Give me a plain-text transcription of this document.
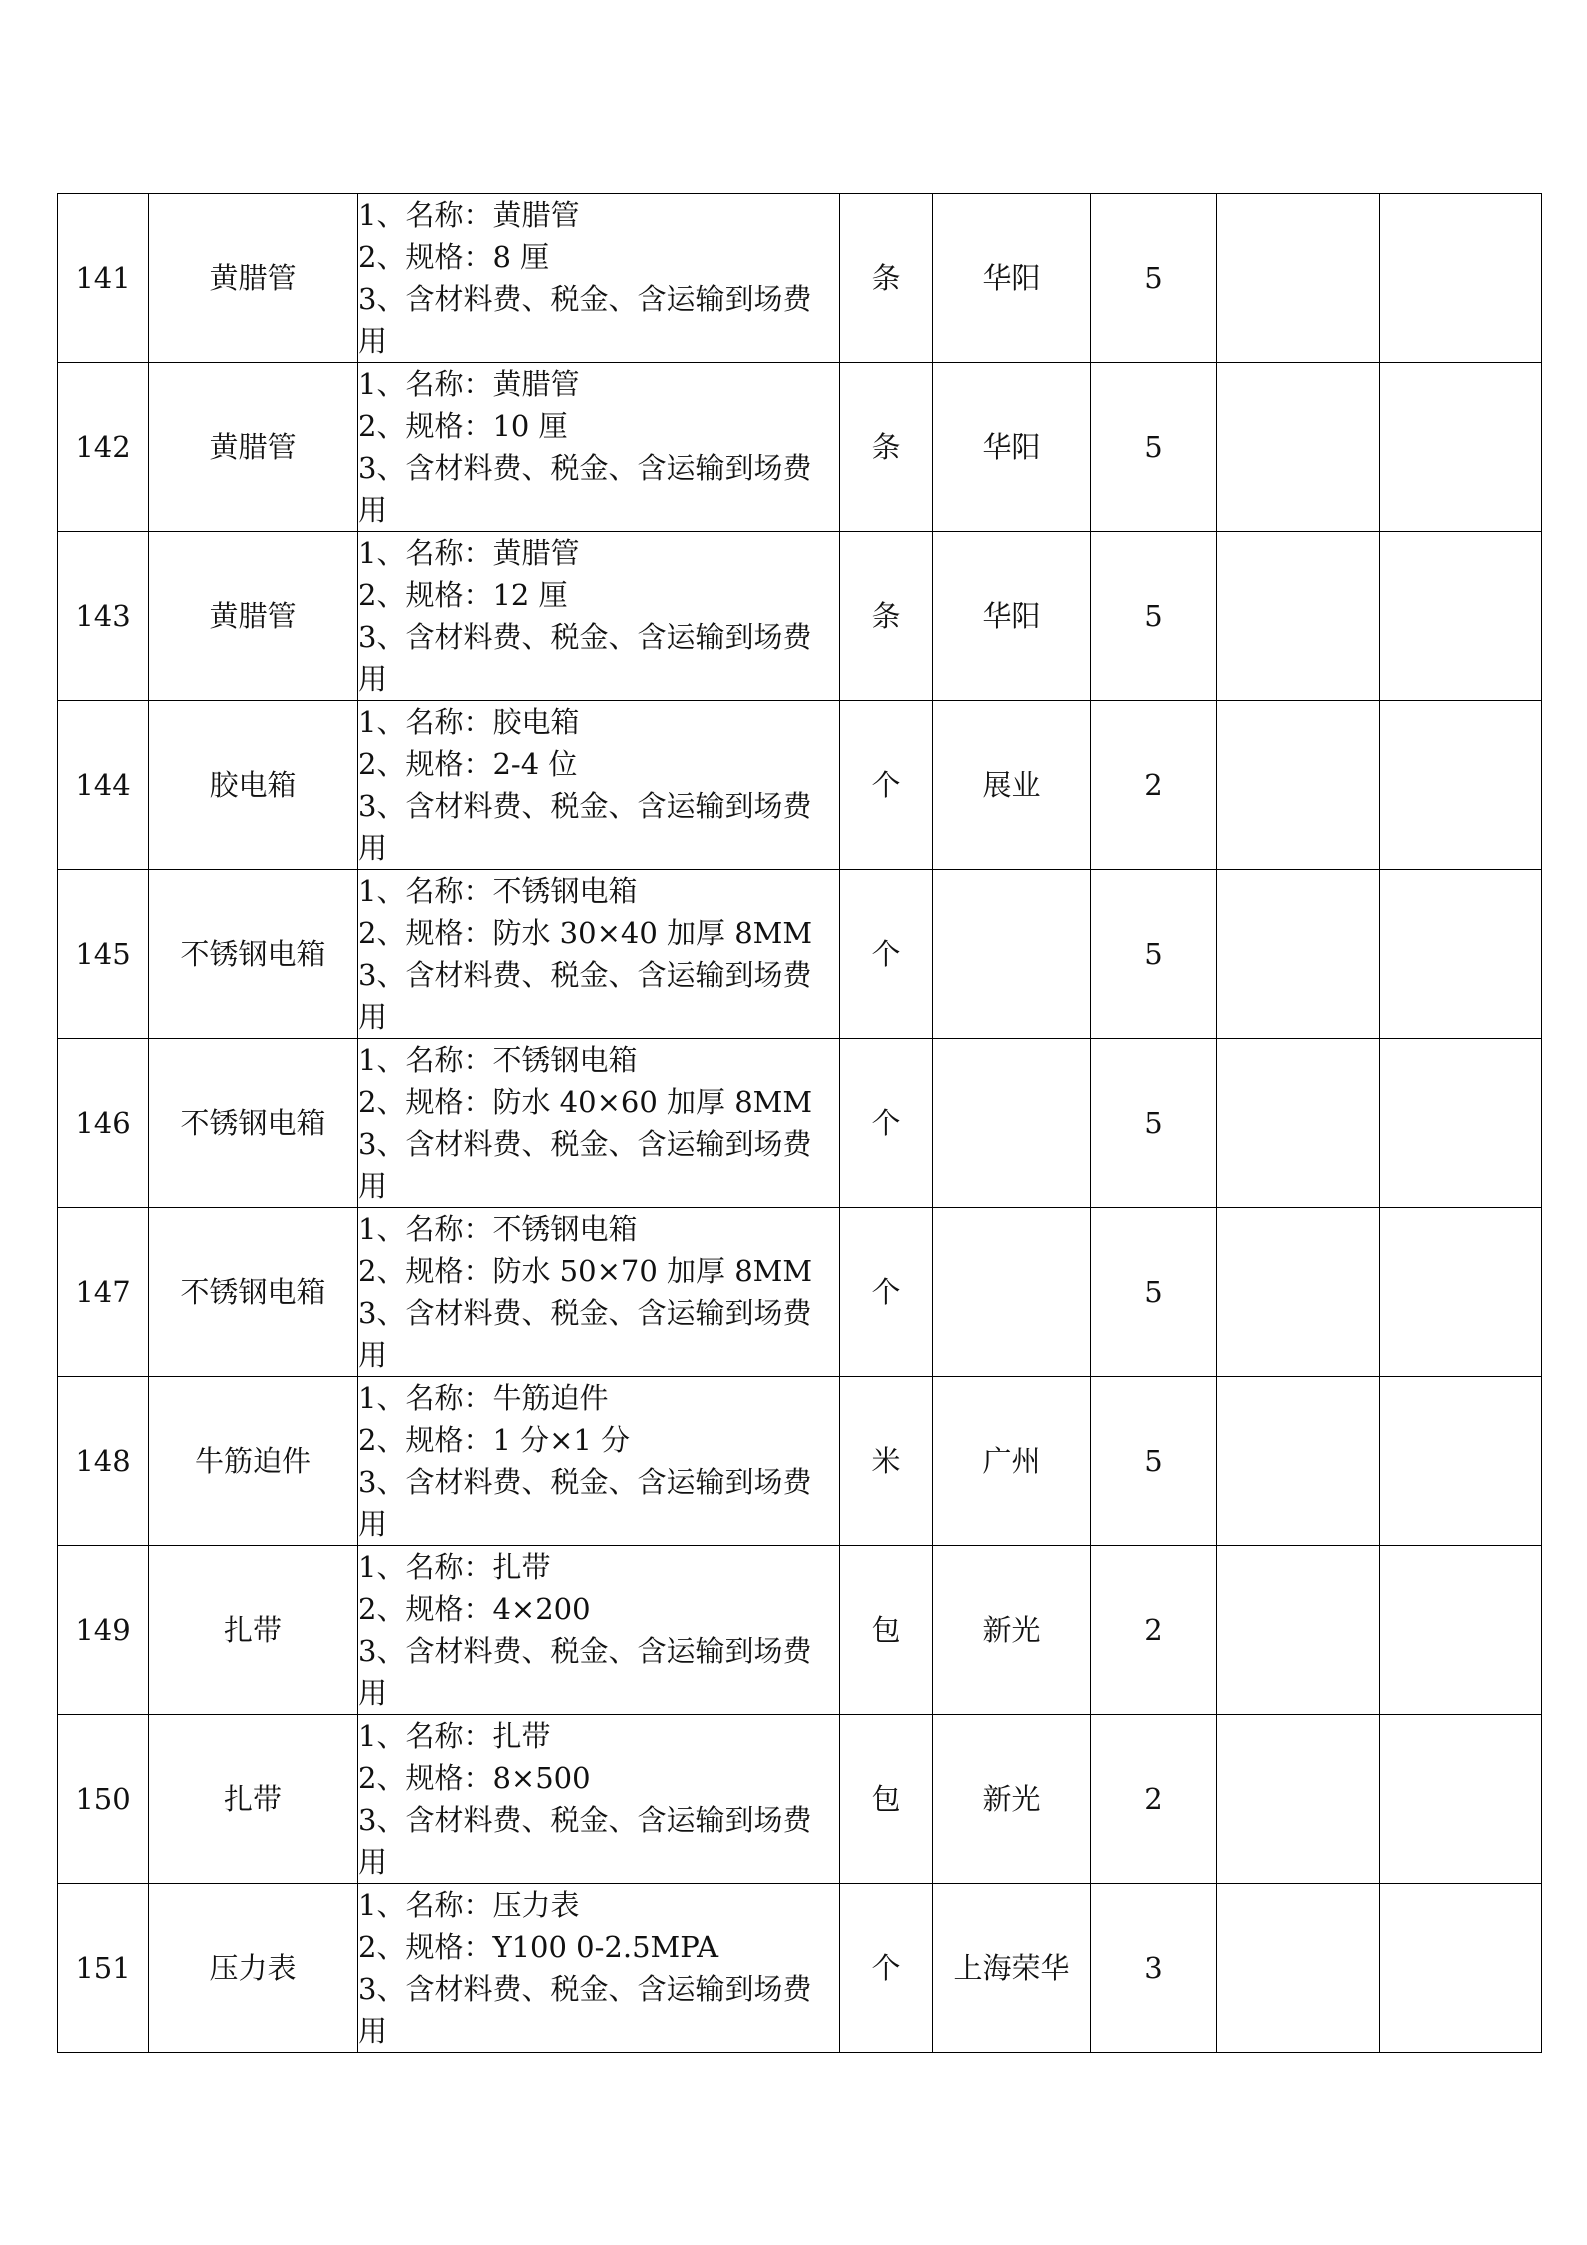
141	黄腊管	1、名称：黄腊管
2、规格：8 厘
3、含材料费、税金、含运输到场费
用	条	华阳	5		
142	黄腊管	1、名称：黄腊管
2、规格：10 厘
3、含材料费、税金、含运输到场费
用	条	华阳	5		
143	黄腊管	1、名称：黄腊管
2、规格：12 厘
3、含材料费、税金、含运输到场费
用	条	华阳	5		
144	胶电箱	1、名称：胶电箱
2、规格：2-4 位
3、含材料费、税金、含运输到场费
用	个	展业	2		
145	不锈钢电箱	1、名称：不锈钢电箱
2、规格：防水 30×40 加厚 8MM
3、含材料费、税金、含运输到场费
用	个		5		
146	不锈钢电箱	1、名称：不锈钢电箱
2、规格：防水 40×60 加厚 8MM
3、含材料费、税金、含运输到场费
用	个		5		
147	不锈钢电箱	1、名称：不锈钢电箱
2、规格：防水 50×70 加厚 8MM
3、含材料费、税金、含运输到场费
用	个		5		
148	牛筋迫件	1、名称：牛筋迫件
2、规格：1 分×1 分
3、含材料费、税金、含运输到场费
用	米	广州	5		
149	扎带	1、名称：扎带
2、规格：4×200
3、含材料费、税金、含运输到场费
用	包	新光	2		
150	扎带	1、名称：扎带
2、规格：8×500
3、含材料费、税金、含运输到场费
用	包	新光	2		
151	压力表	1、名称：压力表
2、规格：Y100 0-2.5MPA
3、含材料费、税金、含运输到场费
用	个	上海荣华	3		
